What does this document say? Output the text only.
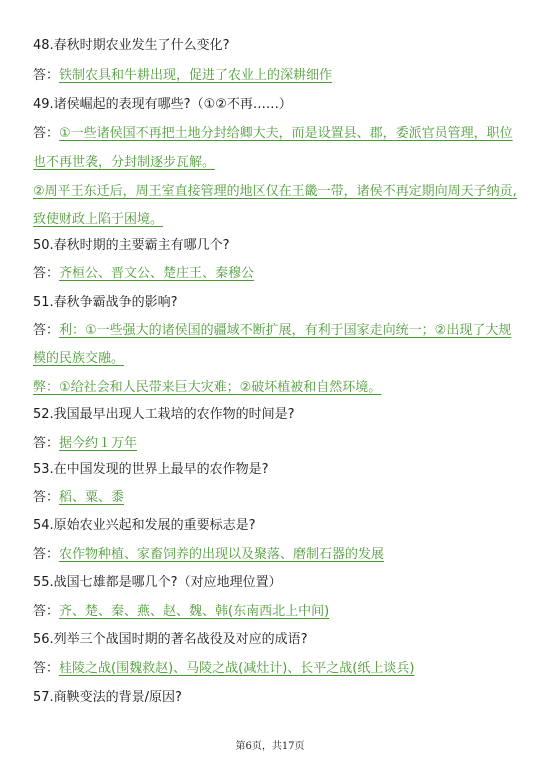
48.春秋时期农业发生了什么变化?
答：铁制农具和牛耕出现，促进了农业上的深耕细作
49.诸侯崛起的表现有哪些?（①②不再……）
答：①一些诸侯国不再把土地分封给卿大夫，而是设置县、郡，委派官员管理，职位
也不再世袭，分封制逐步瓦解。
②周平王东迁后，周王室直接管理的地区仅在王畿一带，诸侯不再定期向周天子纳贡,
致使财政上陷于困境。
50.春秋时期的主要霸主有哪几个?
答：齐桓公、晋文公、楚庄王、秦穆公
51.春秋争霸战争的影响?
答：利：①一些强大的诸侯国的疆域不断扩展，有利于国家走向统一；②出现了大规
模的民族交融。
弊：①给社会和人民带来巨大灾难；②破坏植被和自然环境。
52.我国最早出现人工栽培的农作物的时间是?
答：据今约１万年
53.在中国发现的世界上最早的农作物是?
答：稻、粟、黍
54.原始农业兴起和发展的重要标志是?
答：农作物种植、家畜饲养的出现以及聚落、磨制石器的发展
55.战国七雄都是哪几个?（对应地理位置）
答：齐、楚、秦、燕、赵、魏、韩(东南西北上中间)
56.列举三个战国时期的著名战役及对应的成语?
答：桂陵之战(围魏救赵)、马陵之战(减灶计)、长平之战(纸上谈兵)
57.商鞅变法的背景/原因?
第6页，共17页
